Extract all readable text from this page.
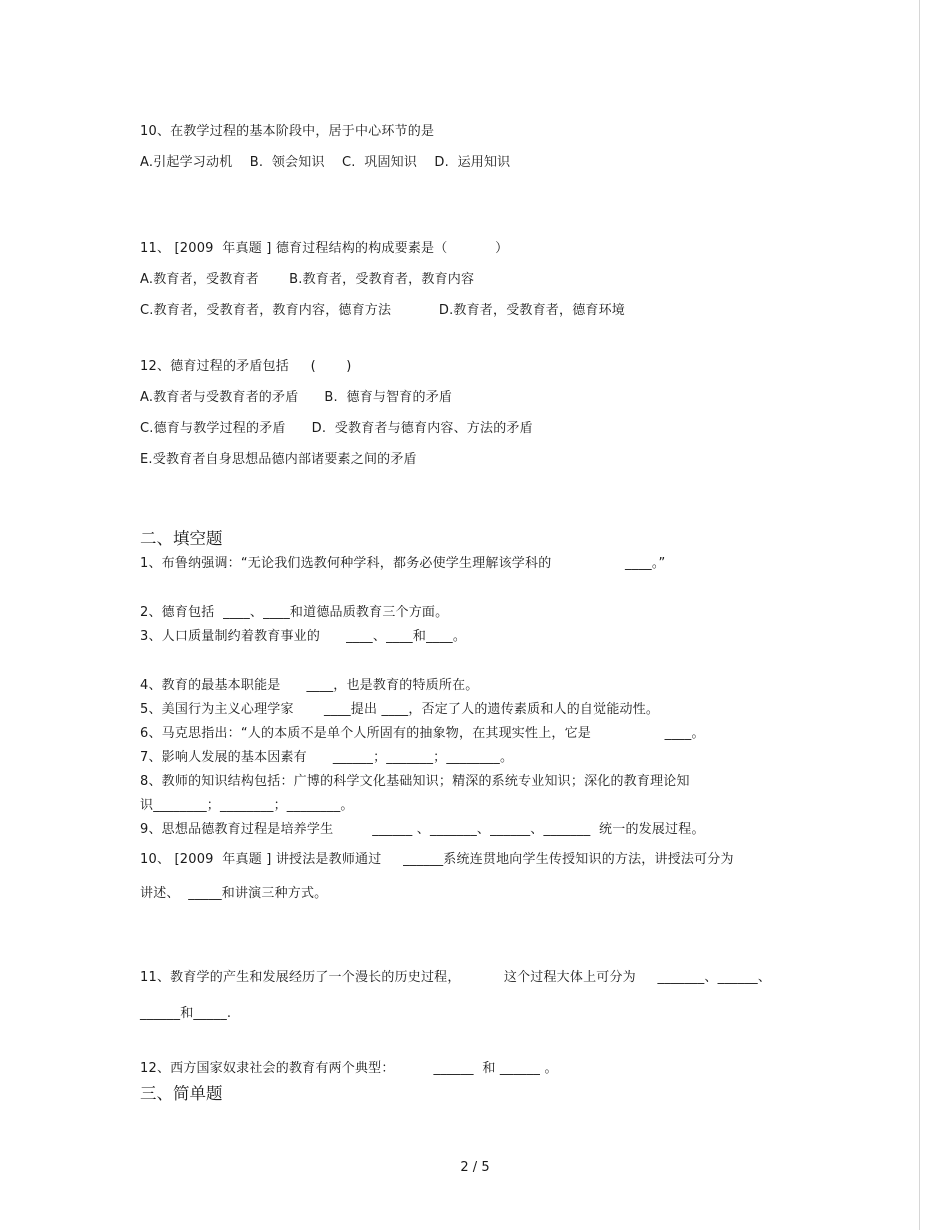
10、在教学过程的基本阶段中，居于中心环节的是
A.引起学习动机    B.  领会知识    C.  巩固知识    D.  运用知识
11、 [2009  年真题 ] 德育过程结构的构成要素是（           ）
A.教育者，受教育者       B.教育者，受教育者，教育内容
C.教育者，受教育者，教育内容，德育方法           D.教育者，受教育者，德育环境
12、德育过程的矛盾包括     (       )
A.教育者与受教育者的矛盾      B.  德育与智育的矛盾
C.德育与教学过程的矛盾      D.  受教育者与德育内容、方法的矛盾
E.受教育者自身思想品德内部诸要素之间的矛盾
二、填空题
1、布鲁纳强调：“无论我们选教何种学科，都务必使学生理解该学科的                 ____。”
2、德育包括  ____、____和道德品质教育三个方面。
3、人口质量制约着教育事业的      ____、____和____。
4、教育的最基本职能是      ____，也是教育的特质所在。
5、美国行为主义心理学家       ____提出 ____，否定了人的遗传素质和人的自觉能动性。
6、马克思指出：“人的本质不是单个人所固有的抽象物，在其现实性上，它是                 ____。
7、影响人发展的基本因素有      ______；_______；________。
8、教师的知识结构包括：广博的科学文化基础知识；精深的系统专业知识；深化的教育理论知
识________；________；________。
9、思想品德教育过程是培养学生         ______ 、_______、______、_______  统一的发展过程。
10、 [2009  年真题 ] 讲授法是教师通过     ______系统连贯地向学生传授知识的方法，讲授法可分为
讲述、  _____和讲演三种方式。
11、教育学的产生和发展经历了一个漫长的历史过程，          这个过程大体上可分为     _______、______、
______和_____.
12、西方国家奴隶社会的教育有两个典型：         ______  和 ______ 。
三、简单题
2 / 5
